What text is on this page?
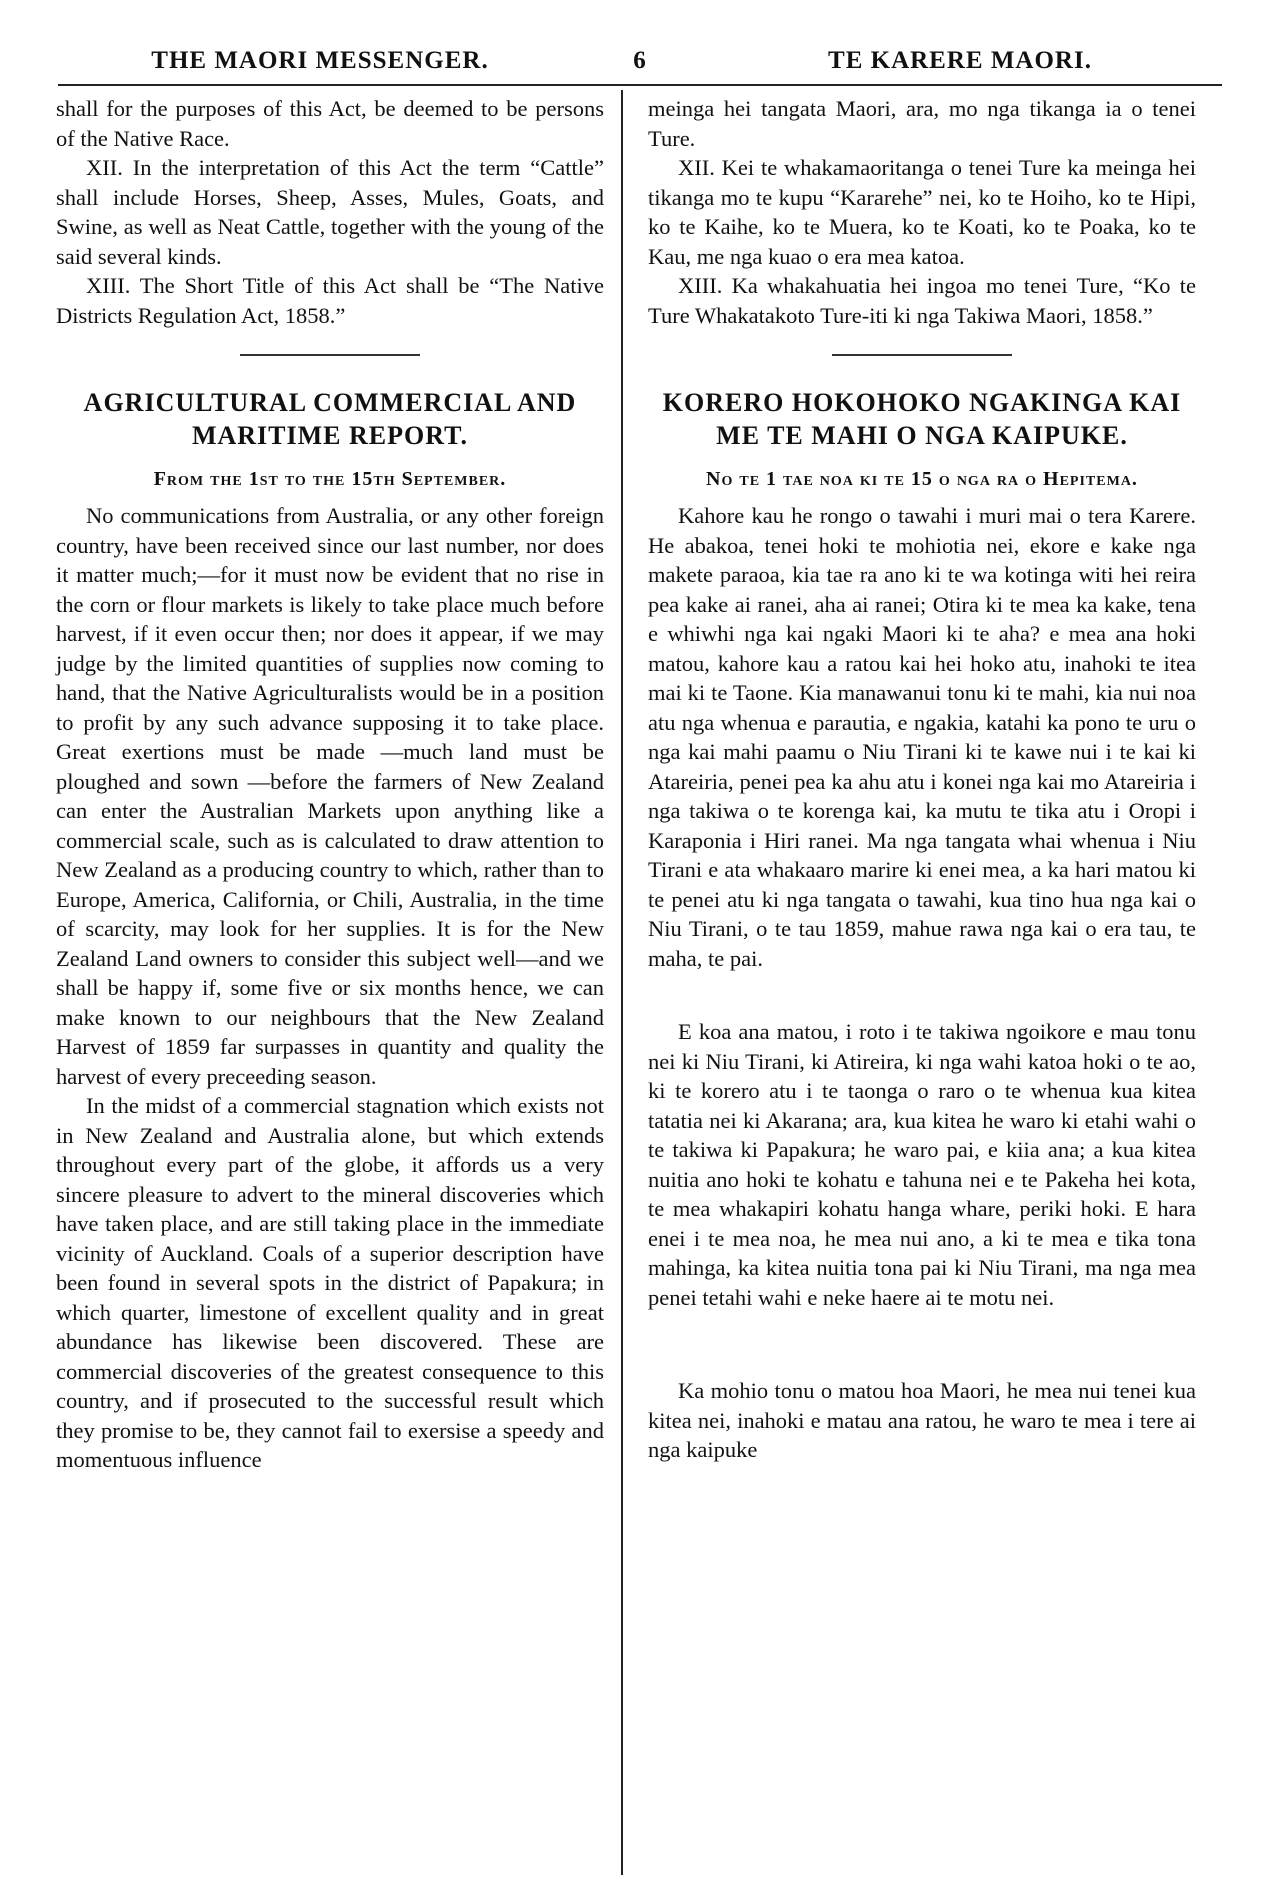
THE MAORI MESSENGER.	6	TE KARERE MAORI.

shall for the purposes of this Act, be deemed to be persons of the Native Race.

XII. In the interpretation of this Act the term “Cattle” shall include Horses, Sheep, Asses, Mules, Goats, and Swine, as well as Neat Cattle, together with the young of the said several kinds.

XIII. The Short Title of this Act shall be “The Native Districts Regulation Act, 1858.”

AGRICULTURAL COMMERCIAL AND MARITIME REPORT.
From the 1st to the 15th September.

No communications from Australia, or any other foreign country, have been received since our last number, nor does it matter much;—for it must now be evident that no rise in the corn or flour markets is likely to take place much before harvest, if it even occur then; nor does it appear, if we may judge by the limited quantities of supplies now coming to hand, that the Native Agriculturalists would be in a position to profit by any such advance supposing it to take place. Great exertions must be made —much land must be ploughed and sown —before the farmers of New Zealand can enter the Australian Markets upon anything like a commercial scale, such as is calculated to draw attention to New Zealand as a producing country to which, rather than to Europe, America, California, or Chili, Australia, in the time of scarcity, may look for her supplies. It is for the New Zealand Land owners to consider this subject well—and we shall be happy if, some five or six months hence, we can make known to our neighbours that the New Zealand Harvest of 1859 far surpasses in quantity and quality the harvest of every preceeding season.

In the midst of a commercial stagnation which exists not in New Zealand and Australia alone, but which extends throughout every part of the globe, it affords us a very sincere pleasure to advert to the mineral discoveries which have taken place, and are still taking place in the immediate vicinity of Auckland. Coals of a superior description have been found in several spots in the district of Papakura; in which quarter, limestone of excellent quality and in great abundance has likewise been discovered. These are commercial discoveries of the greatest consequence to this country, and if prosecuted to the successful result which they promise to be, they cannot fail to exersise a speedy and momentuous influence

meinga hei tangata Maori, ara, mo nga tikanga ia o tenei Ture.

XII. Kei te whakamaoritanga o tenei Ture ka meinga hei tikanga mo te kupu “Kararehe” nei, ko te Hoiho, ko te Hipi, ko te Kaihe, ko te Muera, ko te Koati, ko te Poaka, ko te Kau, me nga kuao o era mea katoa.

XIII. Ka whakahuatia hei ingoa mo tenei Ture, “Ko te Ture Whakatakoto Ture-iti ki nga Takiwa Maori, 1858.”

KORERO HOKOHOKO NGAKINGA KAI ME TE MAHI O NGA KAIPUKE.
No te 1 tae noa ki te 15 o nga ra o Hepitema.

Kahore kau he rongo o tawahi i muri mai o tera Karere. He abakoa, tenei hoki te mohiotia nei, ekore e kake nga makete paraoa, kia tae ra ano ki te wa kotinga witi hei reira pea kake ai ranei, aha ai ranei; Otira ki te mea ka kake, tena e whiwhi nga kai ngaki Maori ki te aha? e mea ana hoki matou, kahore kau a ratou kai hei hoko atu, inahoki te itea mai ki te Taone. Kia manawanui tonu ki te mahi, kia nui noa atu nga whenua e parautia, e ngakia, katahi ka pono te uru o nga kai mahi paamu o Niu Tirani ki te kawe nui i te kai ki Atareiria, penei pea ka ahu atu i konei nga kai mo Atareiria i nga takiwa o te korenga kai, ka mutu te tika atu i Oropi i Karaponia i Hiri ranei. Ma nga tangata whai whenua i Niu Tirani e ata whakaaro marire ki enei mea, a ka hari matou ki te penei atu ki nga tangata o tawahi, kua tino hua nga kai o Niu Tirani, o te tau 1859, mahue rawa nga kai o era tau, te maha, te pai.

E koa ana matou, i roto i te takiwa ngoikore e mau tonu nei ki Niu Tirani, ki Atireira, ki nga wahi katoa hoki o te ao, ki te korero atu i te taonga o raro o te whenua kua kitea tatatia nei ki Akarana; ara, kua kitea he waro ki etahi wahi o te takiwa ki Papakura; he waro pai, e kiia ana; a kua kitea nuitia ano hoki te kohatu e tahuna nei e te Pakeha hei kota, te mea whakapiri kohatu hanga whare, periki hoki. E hara enei i te mea noa, he mea nui ano, a ki te mea e tika tona mahinga, ka kitea nuitia tona pai ki Niu Tirani, ma nga mea penei tetahi wahi e neke haere ai te motu nei.

Ka mohio tonu o matou hoa Maori, he mea nui tenei kua kitea nei, inahoki e matau ana ratou, he waro te mea i tere ai nga kaipuke
